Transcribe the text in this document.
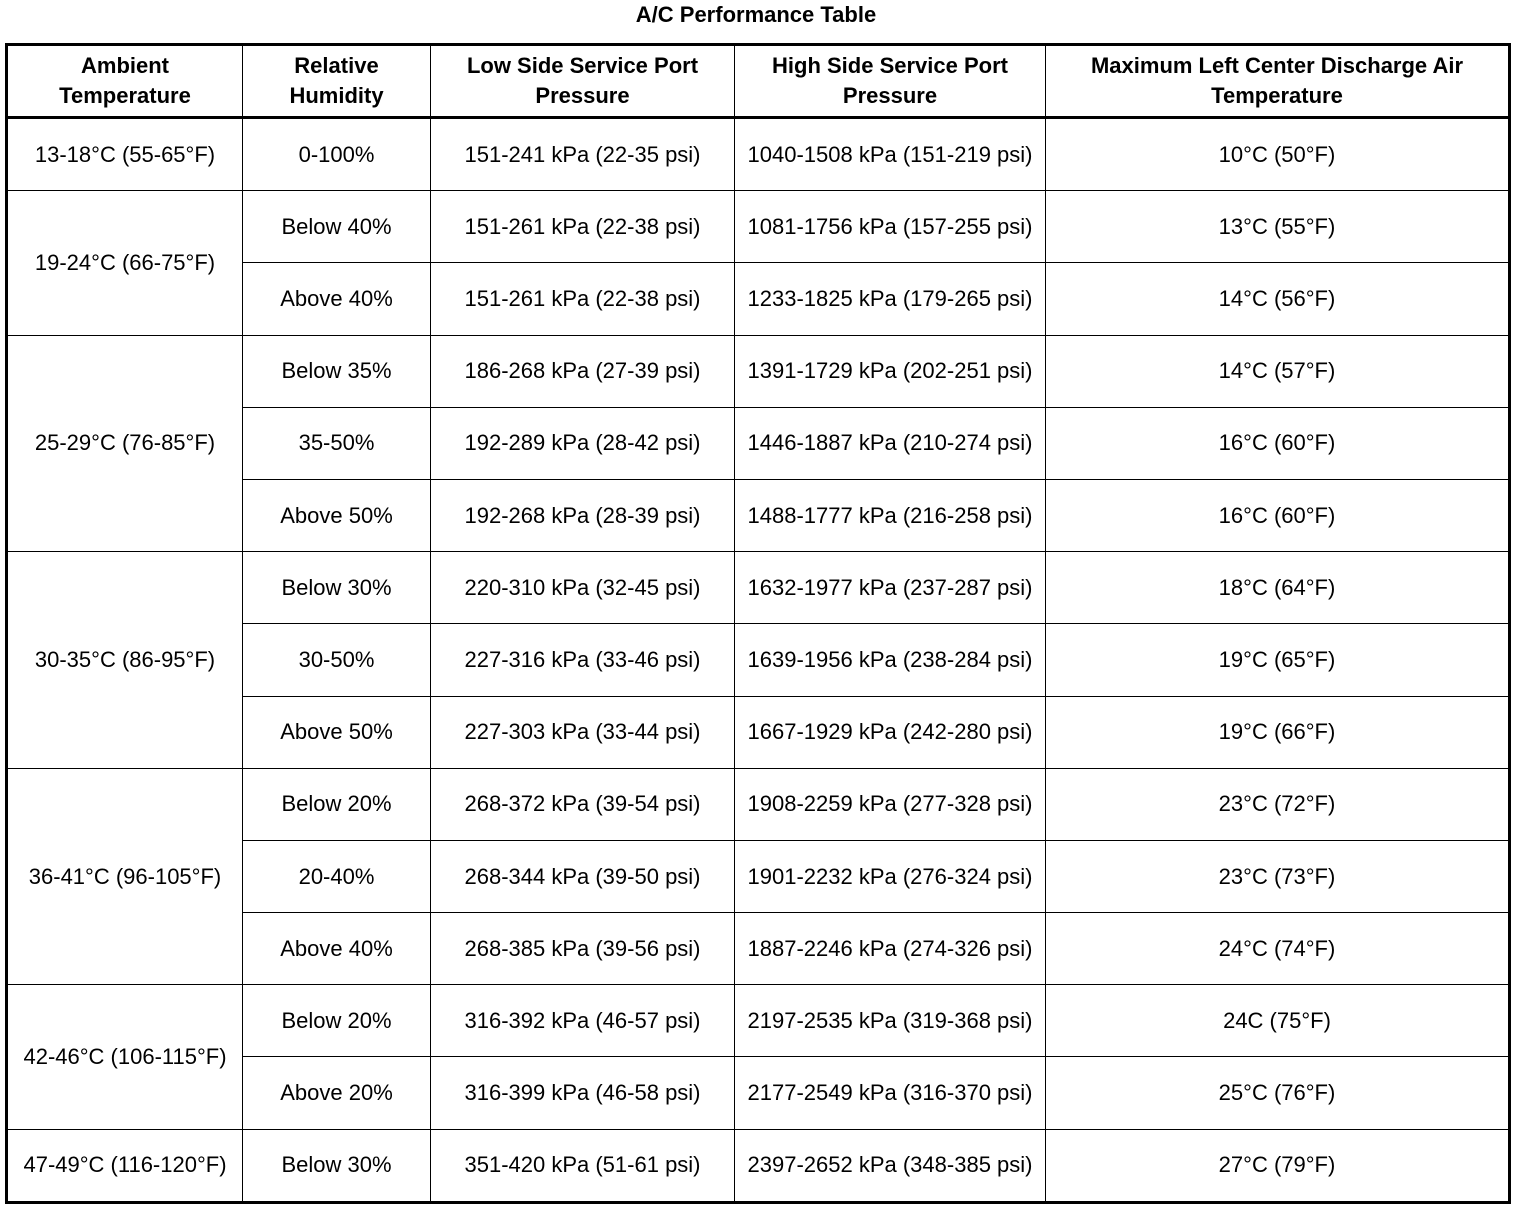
A/C Performance Table
Ambient Temperature	Relative Humidity	Low Side Service Port Pressure	High Side Service Port Pressure	Maximum Left Center Discharge Air Temperature
13-18°C (55-65°F)	0-100%	151-241 kPa (22-35 psi)	1040-1508 kPa (151-219 psi)	10°C (50°F)
19-24°C (66-75°F)	Below 40%	151-261 kPa (22-38 psi)	1081-1756 kPa (157-255 psi)	13°C (55°F)
	Above 40%	151-261 kPa (22-38 psi)	1233-1825 kPa (179-265 psi)	14°C (56°F)
25-29°C (76-85°F)	Below 35%	186-268 kPa (27-39 psi)	1391-1729 kPa (202-251 psi)	14°C (57°F)
	35-50%	192-289 kPa (28-42 psi)	1446-1887 kPa (210-274 psi)	16°C (60°F)
	Above 50%	192-268 kPa (28-39 psi)	1488-1777 kPa (216-258 psi)	16°C (60°F)
30-35°C (86-95°F)	Below 30%	220-310 kPa (32-45 psi)	1632-1977 kPa (237-287 psi)	18°C (64°F)
	30-50%	227-316 kPa (33-46 psi)	1639-1956 kPa (238-284 psi)	19°C (65°F)
	Above 50%	227-303 kPa (33-44 psi)	1667-1929 kPa (242-280 psi)	19°C (66°F)
36-41°C (96-105°F)	Below 20%	268-372 kPa (39-54 psi)	1908-2259 kPa (277-328 psi)	23°C (72°F)
	20-40%	268-344 kPa (39-50 psi)	1901-2232 kPa (276-324 psi)	23°C (73°F)
	Above 40%	268-385 kPa (39-56 psi)	1887-2246 kPa (274-326 psi)	24°C (74°F)
42-46°C (106-115°F)	Below 20%	316-392 kPa (46-57 psi)	2197-2535 kPa (319-368 psi)	24C (75°F)
	Above 20%	316-399 kPa (46-58 psi)	2177-2549 kPa (316-370 psi)	25°C (76°F)
47-49°C (116-120°F)	Below 30%	351-420 kPa (51-61 psi)	2397-2652 kPa (348-385 psi)	27°C (79°F)
